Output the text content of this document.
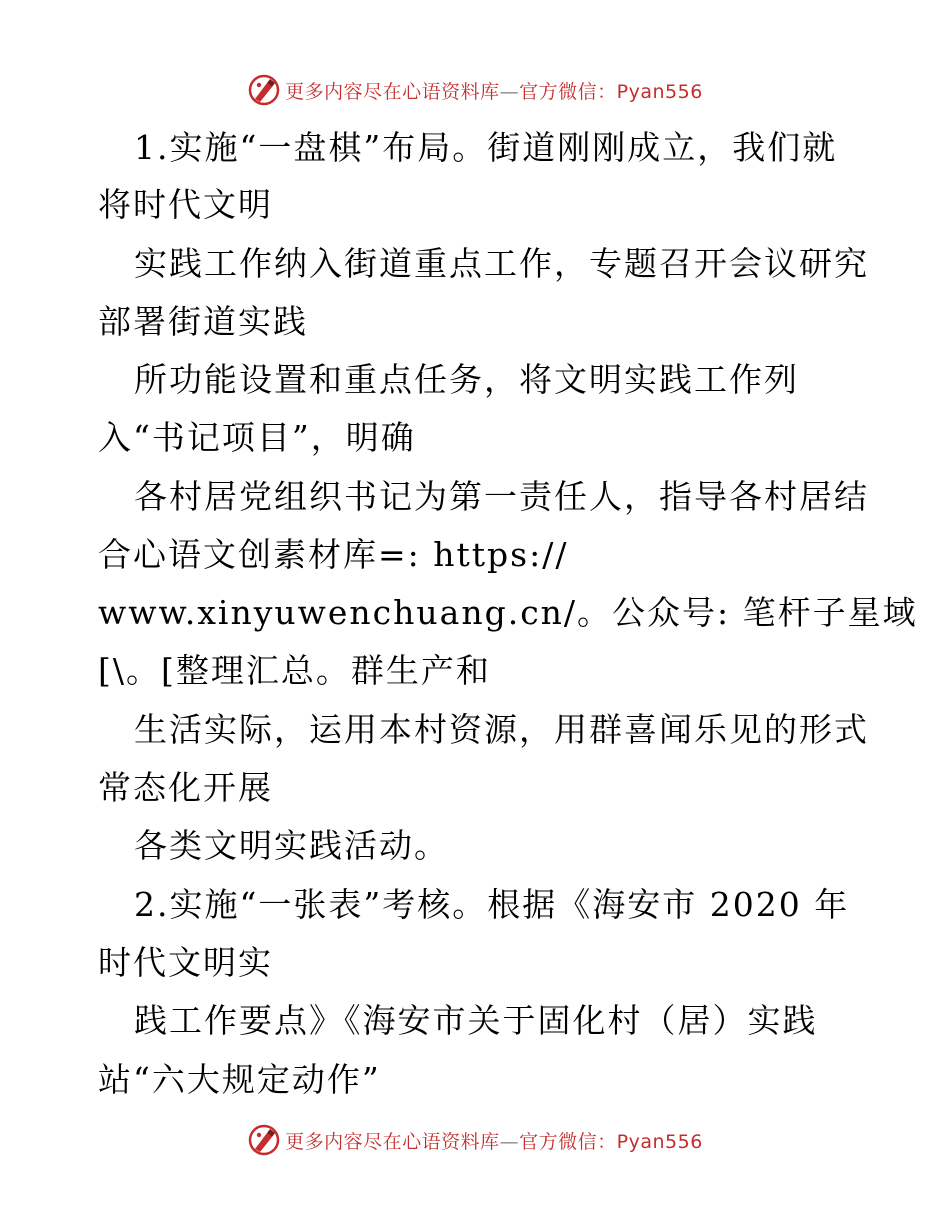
更多内容尽在心语资料库—官方微信：Pyan556
1.实施“一盘棋”布局。街道刚刚成立，我们就
将时代文明
实践工作纳入街道重点工作，专题召开会议研究
部署街道实践
所功能设置和重点任务，将文明实践工作列
入“书记项目”，明确
各村居党组织书记为第一责任人，指导各村居结
合心语文创素材库=: https://
www.xinyuwenchuang.cn/。公众号: 笔杆子星域
[\。[整理汇总。群生产和
生活实际，运用本村资源，用群喜闻乐见的形式
常态化开展
各类文明实践活动。
2.实施“一张表”考核。根据《海安市 2020 年
时代文明实
践工作要点》《海安市关于固化村（居）实践
站“六大规定动作”
更多内容尽在心语资料库—官方微信：Pyan556
